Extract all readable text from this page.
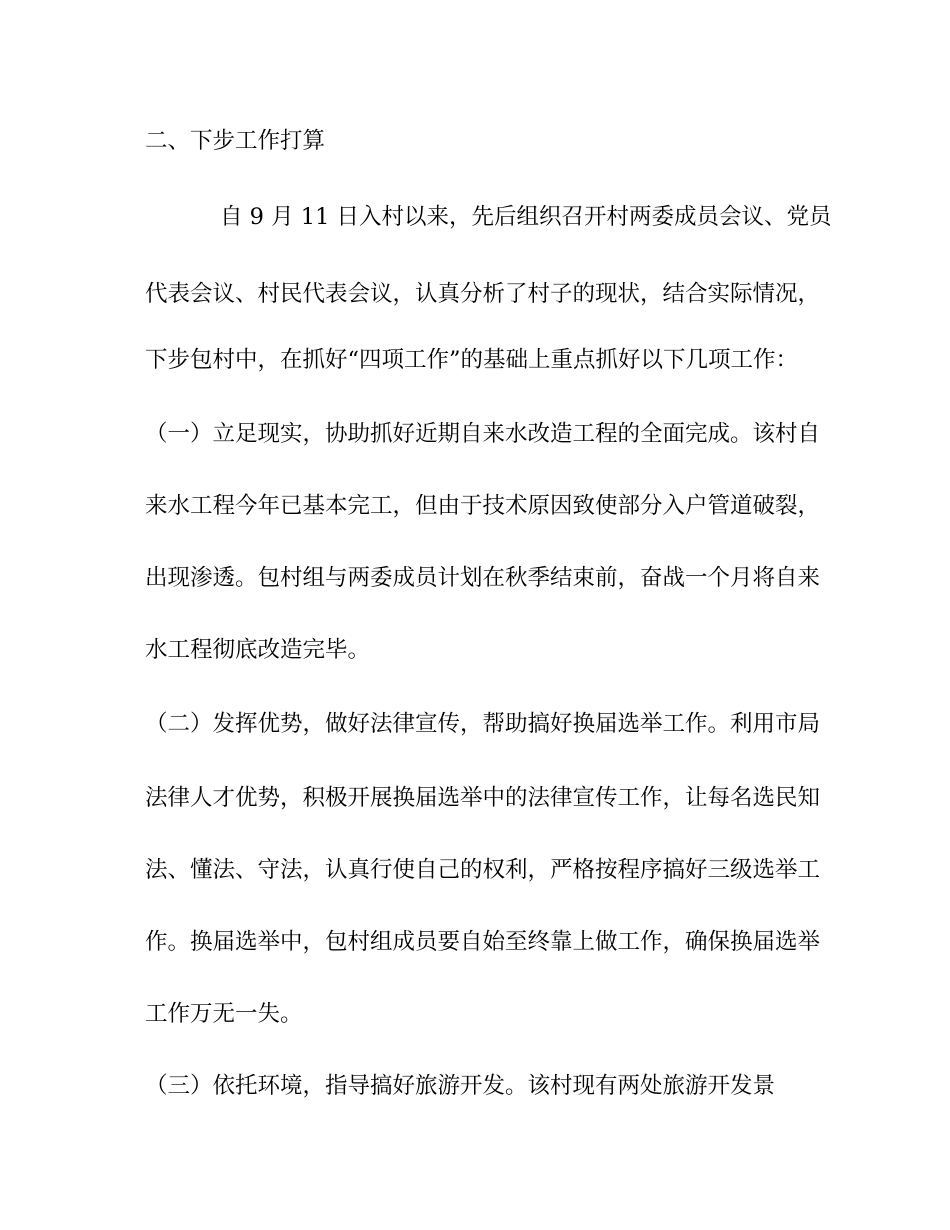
二、下步工作打算

自 9 月 11 日入村以来，先后组织召开村两委成员会议、党员

代表会议、村民代表会议，认真分析了村子的现状，结合实际情况，

下步包村中，在抓好“四项工作”的基础上重点抓好以下几项工作：

（一）立足现实，协助抓好近期自来水改造工程的全面完成。该村自

来水工程今年已基本完工，但由于技术原因致使部分入户管道破裂，

出现渗透。包村组与两委成员计划在秋季结束前，奋战一个月将自来

水工程彻底改造完毕。

（二）发挥优势，做好法律宣传，帮助搞好换届选举工作。利用市局

法律人才优势，积极开展换届选举中的法律宣传工作，让每名选民知

法、懂法、守法，认真行使自己的权利，严格按程序搞好三级选举工

作。换届选举中，包村组成员要自始至终靠上做工作，确保换届选举

工作万无一失。

（三）依托环境，指导搞好旅游开发。该村现有两处旅游开发景
